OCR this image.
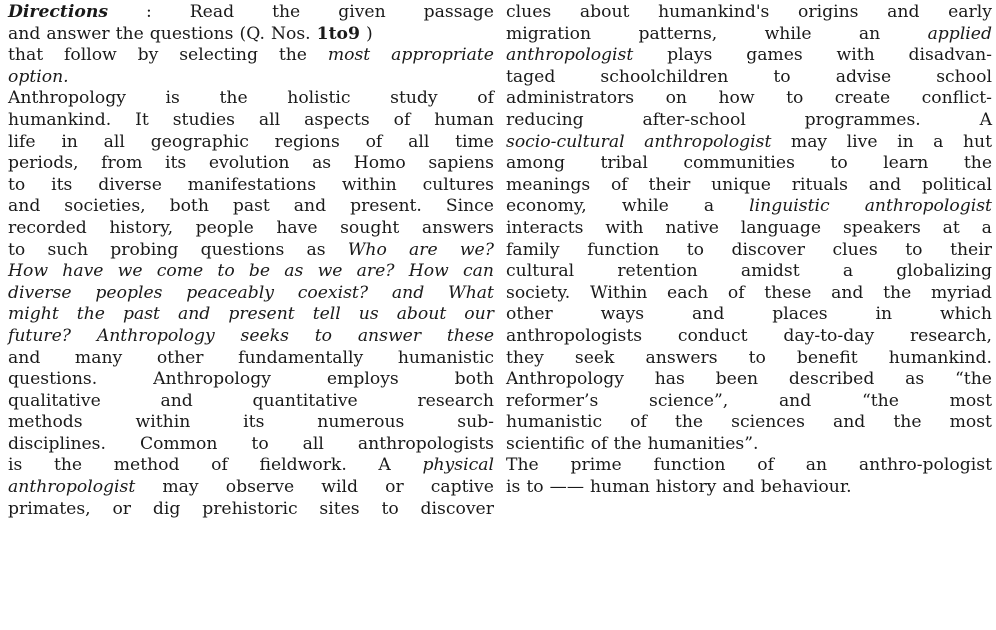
Directions : Read the given passage
and answer the questions (Q. Nos. 1to9 )
that follow by selecting the most appropriate
option.
Anthropology is the holistic study of
humankind. It studies all aspects of human
life in all geographic regions of all time
periods, from its evolution as Homo sapiens
to its diverse manifestations within cultures
and societies, both past and present. Since
recorded history, people have sought answers
to such probing questions as Who are we?
How have we come to be as we are? How can
diverse peoples peaceably coexist? and What
might the past and present tell us about our
future? Anthropology seeks to answer these
and many other fundamentally humanistic
questions.	Anthropology	employs	both
qualitative	and	quantitative	research
methods	within	its	numerous	sub-
disciplines. Common to all anthropologists
is the method of fieldwork. A physical
anthropologist may observe wild or captive
primates, or dig prehistoric sites to discover
clues about humankind's origins and early
migration	patterns,	while	an	applied
anthropologist plays games with disadvan-
taged	schoolchildren	to	advise	school
administrators on how to create conflict-
reducing	after-school	programmes.	A
socio-cultural anthropologist may live in a hut
among tribal communities to learn the
meanings of their unique rituals and political
economy, while a linguistic anthropologist
interacts with native language speakers at a
family function to discover clues to their
cultural	retention	amidst	a	globalizing
society. Within each of these and the myriad
other	ways	and	places	in	which
anthropologists conduct day-to-day research,
they seek answers to benefit humankind.
Anthropology has been described as “the
reformer’s	science”,	and	“the	most
humanistic of the sciences and the most
scientific of the humanities”.
The prime function of an anthro-pologist
is to —— human history and behaviour.
